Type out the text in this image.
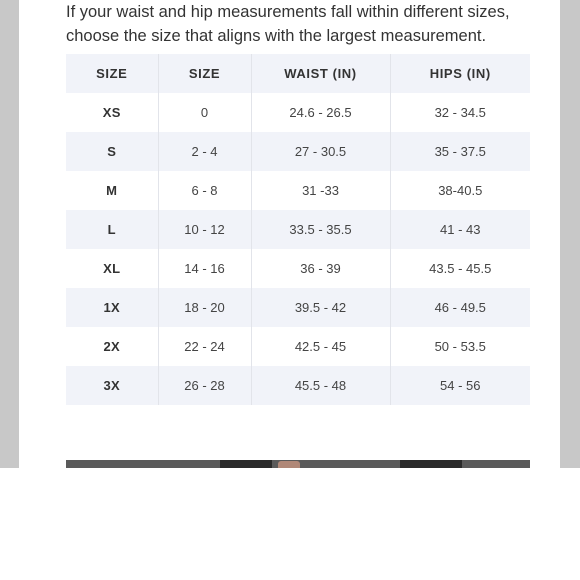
If your waist and hip measurements fall within different sizes,

choose the size that aligns with the largest measurement.

SIZE	SIZE	WAIST (IN)	HIPS (IN)
XS	0	24.6 - 26.5	32 - 34.5
S	2 - 4	27 - 30.5	35 - 37.5
M	6 - 8	31 -33	38-40.5
L	10 - 12	33.5 - 35.5	41 - 43
XL	14 - 16	36 - 39	43.5 - 45.5
1X	18 - 20	39.5 - 42	46 - 49.5
2X	22 - 24	42.5 - 45	50 - 53.5
3X	26 - 28	45.5 - 48	54 - 56
